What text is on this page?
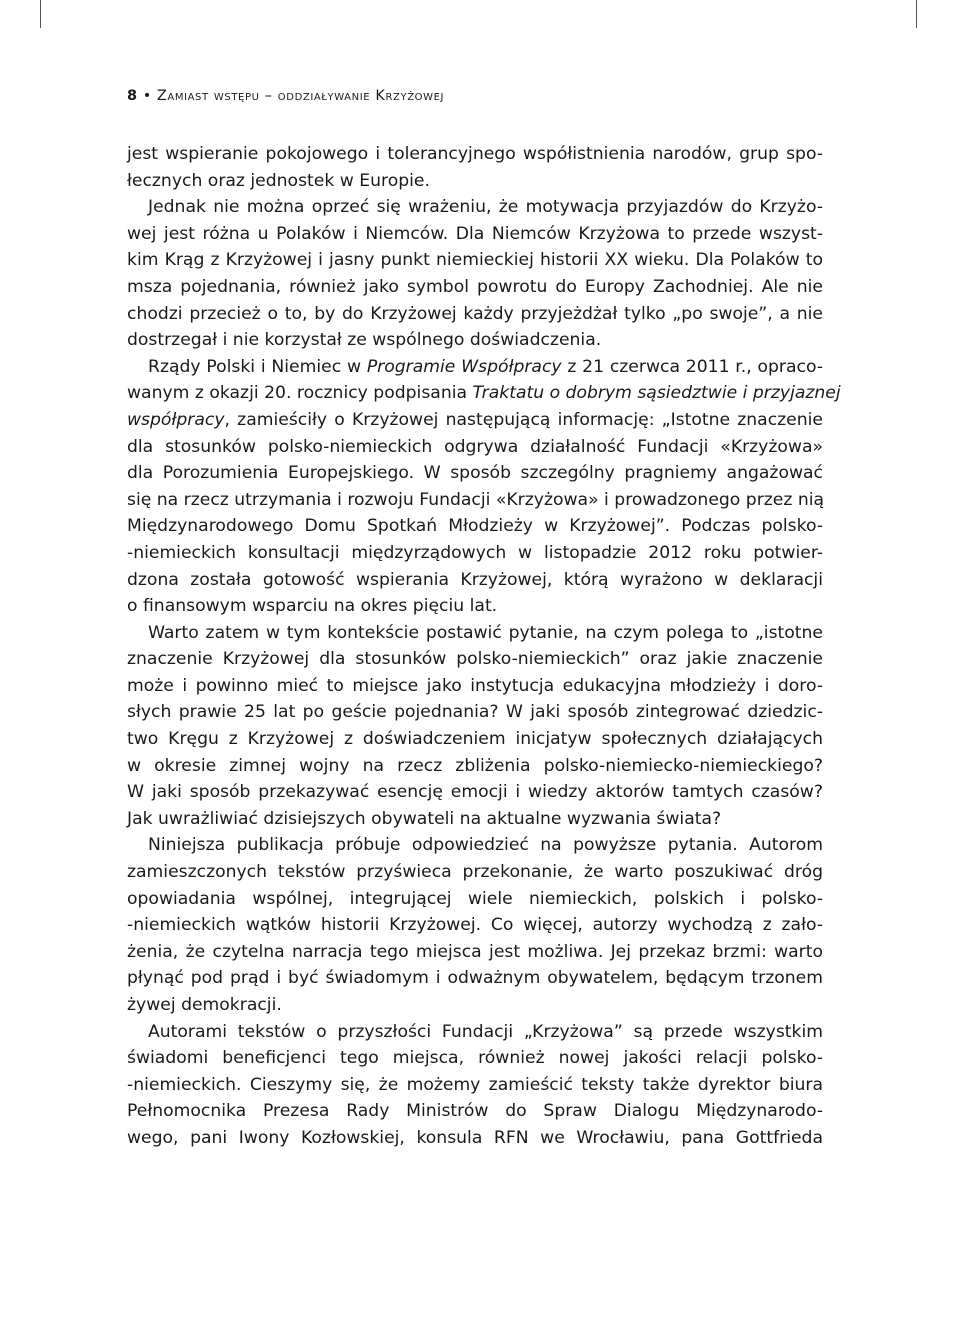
8 • Zamiast wstępu – oddziaływanie Krzyżowej
jest wspieranie pokojowego i tolerancyjnego współistnienia narodów, grup spo-
łecznych oraz jednostek w Europie.
Jednak nie można oprzeć się wrażeniu, że motywacja przyjazdów do Krzyżo-
wej jest różna u Polaków i Niemców. Dla Niemców Krzyżowa to przede wszyst-
kim Krąg z Krzyżowej i jasny punkt niemieckiej historii XX wieku. Dla Polaków to
msza pojednania, również jako symbol powrotu do Europy Zachodniej. Ale nie
chodzi przecież o to, by do Krzyżowej każdy przyjeżdżał tylko „po swoje”, a nie
dostrzegał i nie korzystał ze wspólnego doświadczenia.
Rządy Polski i Niemiec w Programie Współpracy z 21 czerwca 2011 r., opraco-
wanym z okazji 20. rocznicy podpisania Traktatu o dobrym sąsiedztwie i przyjaznej
współpracy, zamieściły o Krzyżowej następującą informację: „Istotne znaczenie
dla stosunków polsko-niemieckich odgrywa działalność Fundacji «Krzyżowa»
dla Porozumienia Europejskiego. W sposób szczególny pragniemy angażować
się na rzecz utrzymania i rozwoju Fundacji «Krzyżowa» i prowadzonego przez nią
Międzynarodowego Domu Spotkań Młodzieży w Krzyżowej”. Podczas polsko-
-niemieckich konsultacji międzyrządowych w listopadzie 2012 roku potwier-
dzona została gotowość wspierania Krzyżowej, którą wyrażono w deklaracji
o finansowym wsparciu na okres pięciu lat.
Warto zatem w tym kontekście postawić pytanie, na czym polega to „istotne
znaczenie Krzyżowej dla stosunków polsko-niemieckich” oraz jakie znaczenie
może i powinno mieć to miejsce jako instytucja edukacyjna młodzieży i doro-
słych prawie 25 lat po geście pojednania? W jaki sposób zintegrować dziedzic-
two Kręgu z Krzyżowej z doświadczeniem inicjatyw społecznych działających
w okresie zimnej wojny na rzecz zbliżenia polsko-niemiecko-niemieckiego?
W jaki sposób przekazywać esencję emocji i wiedzy aktorów tamtych czasów?
Jak uwrażliwiać dzisiejszych obywateli na aktualne wyzwania świata?
Niniejsza publikacja próbuje odpowiedzieć na powyższe pytania. Autorom
zamieszczonych tekstów przyświeca przekonanie, że warto poszukiwać dróg
opowiadania wspólnej, integrującej wiele niemieckich, polskich i polsko-
-niemieckich wątków historii Krzyżowej. Co więcej, autorzy wychodzą z zało-
żenia, że czytelna narracja tego miejsca jest możliwa. Jej przekaz brzmi: warto
płynąć pod prąd i być świadomym i odważnym obywatelem, będącym trzonem
żywej demokracji.
Autorami tekstów o przyszłości Fundacji „Krzyżowa” są przede wszystkim
świadomi beneficjenci tego miejsca, również nowej jakości relacji polsko-
-niemieckich. Cieszymy się, że możemy zamieścić teksty także dyrektor biura
Pełnomocnika Prezesa Rady Ministrów do Spraw Dialogu Międzynarodo-
wego, pani Iwony Kozłowskiej, konsula RFN we Wrocławiu, pana Gottfrieda
